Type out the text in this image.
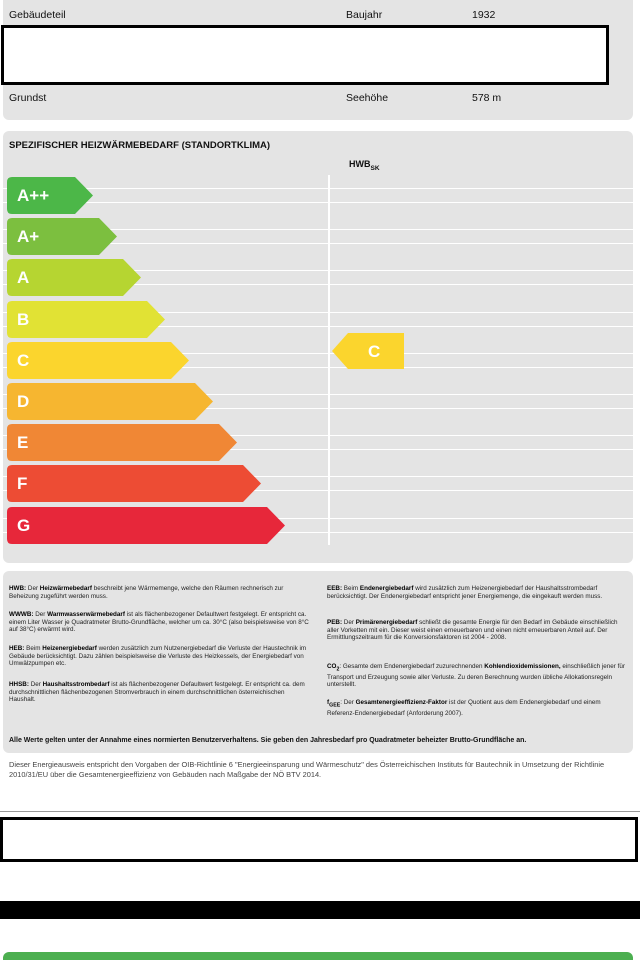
Gebäudeteil	Baujahr	1932
Grundst	Seehöhe	578 m
SPEZIFISCHER HEIZWÄRMEBEDARF (STANDORTKLIMA)
$HWB_{SK}$
A++
A+
A
B
C
D
E
F
G
C
HWB: Der Heizwärmebedarf beschreibt jene Wärmemenge, welche den Räumen rechnerisch zur Beheizung zugeführt werden muss.
WWWB: Der Warmwasserwärmebedarf ist als flächenbezogener Defaultwert festgelegt. Er entspricht ca. einem Liter Wasser je Quadratmeter Brutto-Grundfläche, welcher um ca. 30°C (also beispielsweise von 8°C auf 38°C) erwärmt wird.
HEB: Beim Heizenergiebedarf werden zusätzlich zum Nutzenergiebedarf die Verluste der Haustechnik im Gebäude berücksichtigt. Dazu zählen beispielsweise die Verluste des Heizkessels, der Energiebedarf von Umwälzpumpen etc.
HHSB: Der Haushaltsstrombedarf ist als flächenbezogener Defaultwert festgelegt. Er entspricht ca. dem durchschnittlichen flächenbezogenen Stromverbrauch in einem durchschnittlichen österreichischen Haushalt.
EEB: Beim Endenergiebedarf wird zusätzlich zum Heizenergiebedarf der Haushaltsstrombedarf berücksichtigt. Der Endenergiebedarf entspricht jener Energiemenge, die eingekauft werden muss.
PEB: Der Primärenergiebedarf schließt die gesamte Energie für den Bedarf im Gebäude einschließlich aller Vorketten mit ein. Dieser weist einen erneuerbaren und einen nicht erneuerbaren Anteil auf. Der Ermittlungszeitraum für die Konversionsfaktoren ist 2004 - 2008.
$CO_2$: Gesamte dem Endenergiebedarf zuzurechnenden Kohlendioxidemissionen, einschließlich jener für Transport und Erzeugung sowie aller Verluste. Zu deren Berechnung wurden übliche Allokationsregeln unterstellt.
$f_{GEE}$: Der Gesamtenergieeffizienz-Faktor ist der Quotient aus dem Endenergiebedarf und einem Referenz-Endenergiebedarf (Anforderung 2007).
Alle Werte gelten unter der Annahme eines normierten Benutzerverhaltens. Sie geben den Jahresbedarf pro Quadratmeter beheizter Brutto-Grundfläche an.
Dieser Energieausweis entspricht den Vorgaben der OIB-Richtlinie 6 "Energieeinsparung und Wärmeschutz" des Österreichischen Instituts für Bautechnik in Umsetzung der Richtlinie 2010/31/EU über die Gesamtenergieeffizienz von Gebäuden nach Maßgabe der NÖ BTV 2014.
